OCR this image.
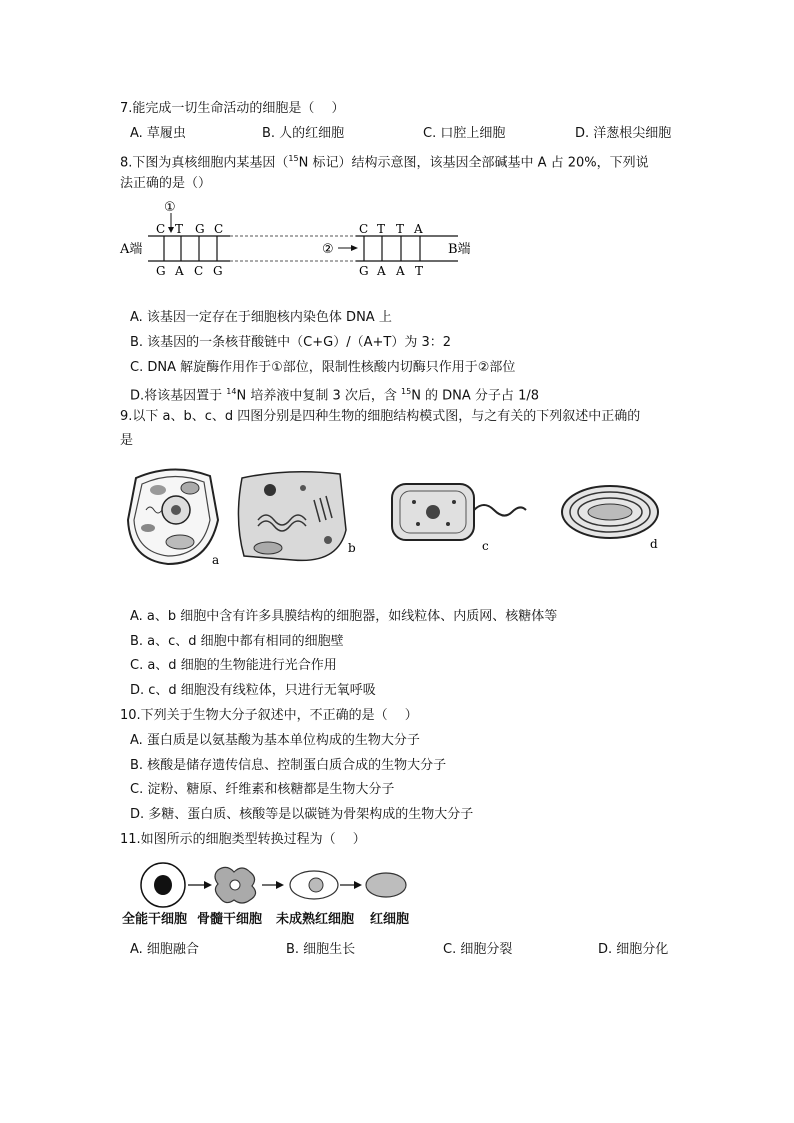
7.能完成一切生命活动的细胞是（　 ）
A. 草履虫	B. 人的红细胞	C. 口腔上细胞	D. 洋葱根尖细胞
8.下图为真核细胞内某基因（$^{15}$N 标记）结构示意图，该基因全部碱基中 A 占 20%，下列说
法正确的是（）
A端	B端
C T G C
G A C G
C T T A
G A A T
①
②
A. 该基因一定存在于细胞核内染色体 DNA 上
B. 该基因的一条核苷酸链中（C+G）/（A+T）为 3：2
C. DNA 解旋酶作用作于①部位，限制性核酸内切酶只作用于②部位
D.将该基因置于 $^{14}$N 培养液中复制 3 次后，含 $^{15}$N 的 DNA 分子占 1/8
9.以下 a、b、c、d 四图分别是四种生物的细胞结构模式图，与之有关的下列叙述中正确的
是
a
b	c	d
A. a、b 细胞中含有许多具膜结构的细胞器，如线粒体、内质网、核糖体等
B. a、c、d 细胞中都有相同的细胞壁
C. a、d 细胞的生物能进行光合作用
D. c、d 细胞没有线粒体，只进行无氧呼吸
10.下列关于生物大分子叙述中，不正确的是（　 ）
A. 蛋白质是以氨基酸为基本单位构成的生物大分子
B. 核酸是储存遗传信息、控制蛋白质合成的生物大分子
C. 淀粉、糖原、纤维素和核糖都是生物大分子
D. 多糖、蛋白质、核酸等是以碳链为骨架构成的生物大分子
11.如图所示的细胞类型转换过程为（　 ）
全能干细胞 骨髓干细胞 未成熟红细胞 红细胞
A. 细胞融合	B. 细胞生长	C. 细胞分裂	D. 细胞分化
